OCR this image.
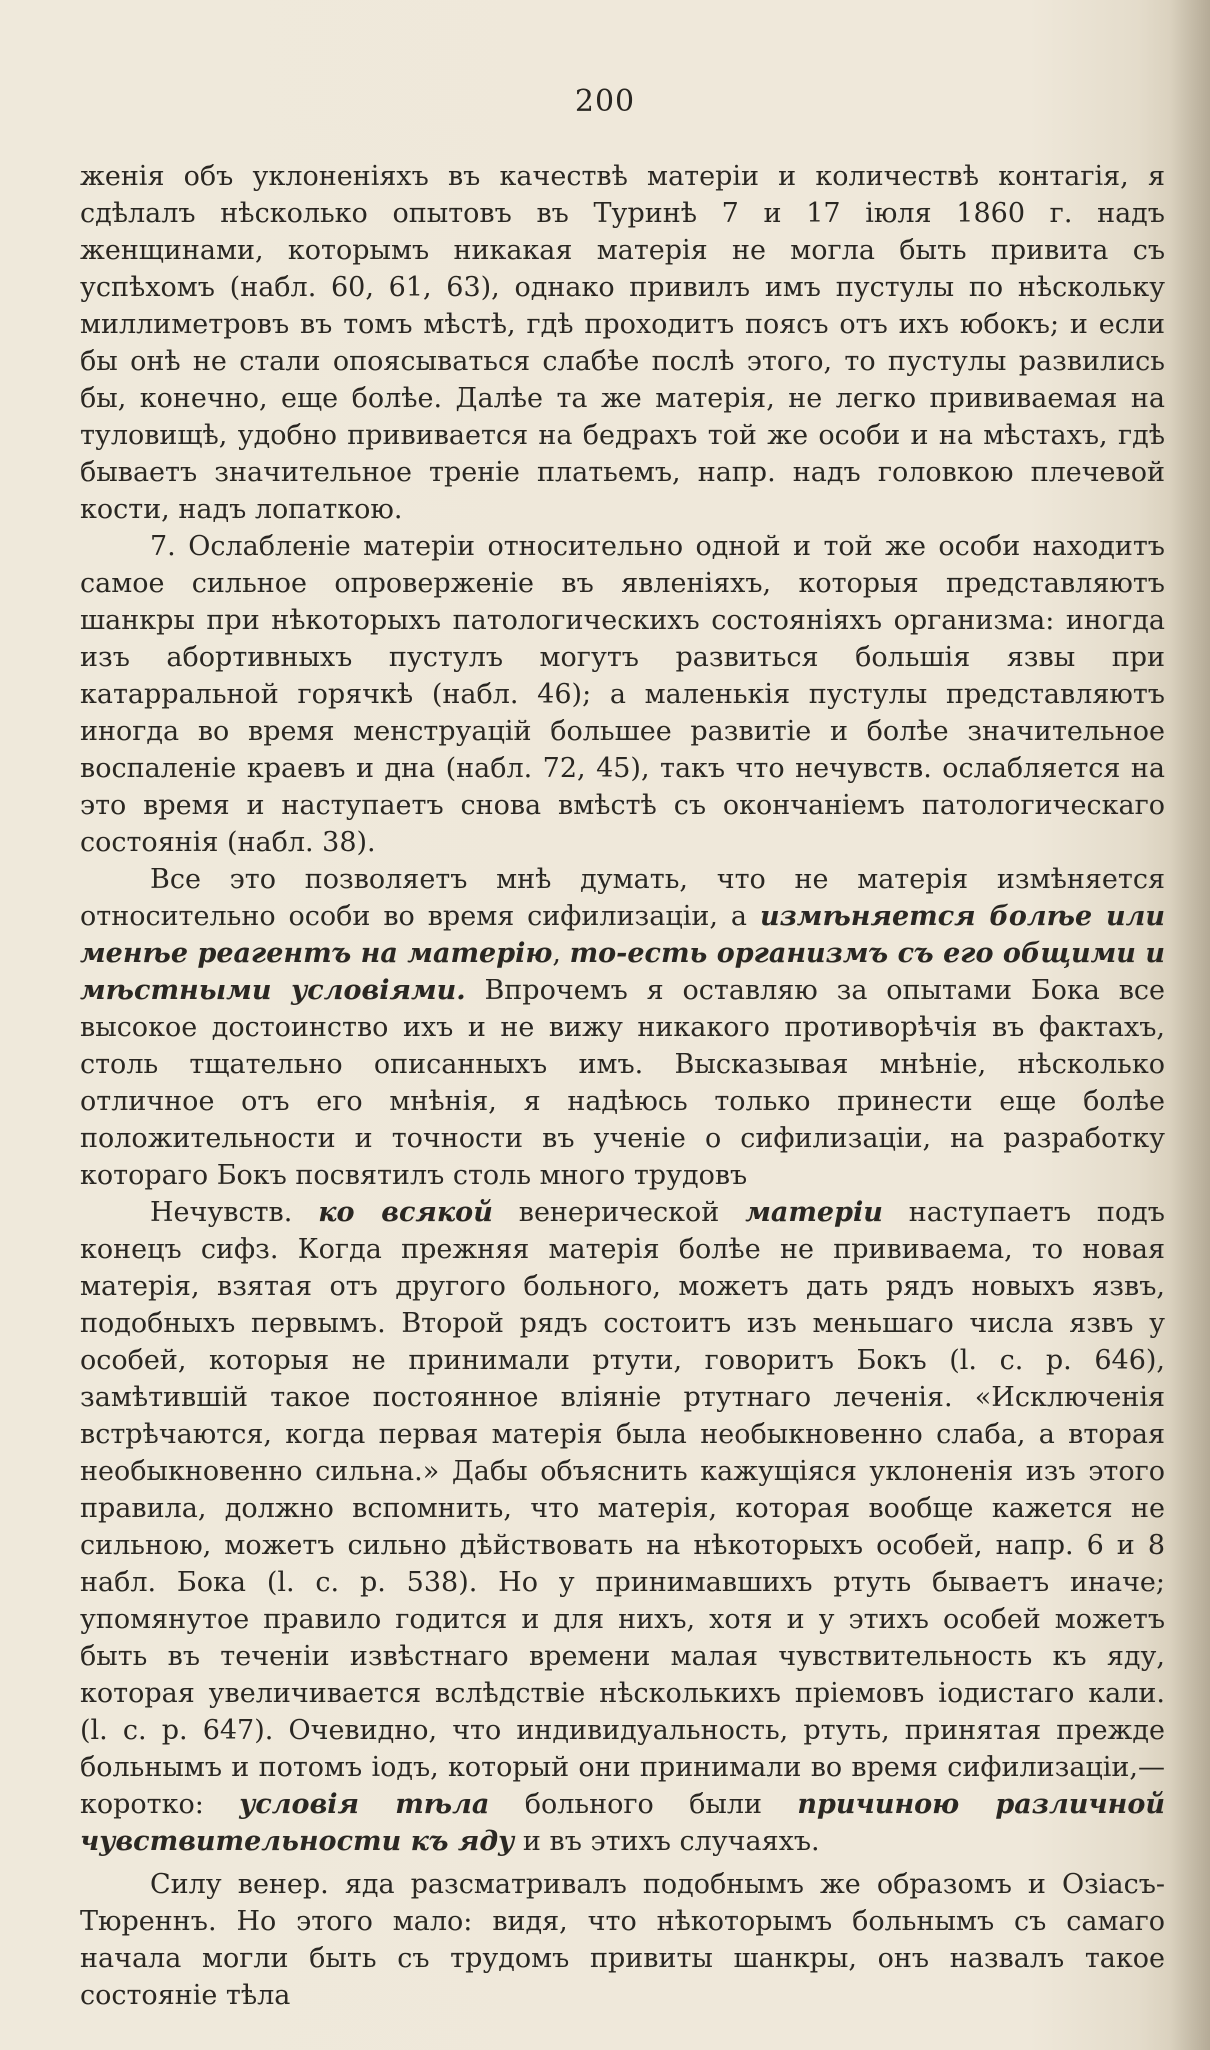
200

женія объ уклоненіяхъ въ качествѣ матеріи и количествѣ контагія, я сдѣлалъ нѣсколько опытовъ въ Туринѣ 7 и 17 іюля 1860 г. надъ женщинами, которымъ никакая матерія не могла быть привита съ успѣхомъ (набл. 60, 61, 63), однако привилъ имъ пустулы по нѣскольку миллиметровъ въ томъ мѣстѣ, гдѣ проходитъ поясъ отъ ихъ юбокъ; и если бы онѣ не стали опоясываться слабѣе послѣ этого, то пустулы развились бы, конечно, еще болѣе. Далѣе та же матерія, не легко прививаемая на туловищѣ, удобно прививается на бедрахъ той же особи и на мѣстахъ, гдѣ бываетъ значительное треніе платьемъ, напр. надъ головкою плечевой кости, надъ лопаткою.

7. Ослабленіе матеріи относительно одной и той же особи находитъ самое сильное опроверженіе въ явленіяхъ, которыя представляютъ шанкры при нѣкоторыхъ патологическихъ состояніяхъ организма: иногда изъ абортивныхъ пустулъ могутъ развиться большія язвы при катарральной горячкѣ (набл. 46); а маленькія пустулы представляютъ иногда во время менструацій большее развитіе и болѣе значительное воспаленіе краевъ и дна (набл. 72, 45), такъ что нечувств. ослабляется на это время и наступаетъ снова вмѣстѣ съ окончаніемъ патологическаго состоянія (набл. 38).

Все это позволяетъ мнѣ думать, что не матерія измѣняется относительно особи во время сифилизаціи, а измѣняется болѣе или менѣе реагентъ на матерію, то-есть организмъ съ его общими и мѣстными условіями. Впрочемъ я оставляю за опытами Бока все высокое достоинство ихъ и не вижу никакого противорѣчія въ фактахъ, столь тщательно описанныхъ имъ. Высказывая мнѣніе, нѣсколько отличное отъ его мнѣнія, я надѣюсь только принести еще болѣе положительности и точности въ ученіе о сифилизаціи, на разработку котораго Бокъ посвятилъ столь много трудовъ

Нечувств. ко всякой венерической матеріи наступаетъ подъ конецъ сифз. Когда прежняя матерія болѣе не прививаема, то новая матерія, взятая отъ другого больного, можетъ дать рядъ новыхъ язвъ, подобныхъ первымъ. Второй рядъ состоитъ изъ меньшаго числа язвъ у особей, которыя не принимали ртути, говоритъ Бокъ (l. c. p. 646), замѣтившій такое постоянное вліяніе ртутнаго леченія. «Исключенія встрѣчаются, когда первая матерія была необыкновенно слаба, а вторая необыкновенно сильна.» Дабы объяснить кажущіяся уклоненія изъ этого правила, должно вспомнить, что матерія, которая вообще кажется не сильною, можетъ сильно дѣйствовать на нѣкоторыхъ особей, напр. 6 и 8 набл. Бока (l. c. p. 538). Но у принимавшихъ ртуть бываетъ иначе; упомянутое правило годится и для нихъ, хотя и у этихъ особей можетъ быть въ теченіи извѣстнаго времени малая чувствительность къ яду, которая увеличивается вслѣдствіе нѣсколькихъ пріемовъ іодистаго кали. (l. c. p. 647). Очевидно, что индивидуальность, ртуть, принятая прежде больнымъ и потомъ іодъ, который они принимали во время сифилизаціи,— коротко: условія тѣла больного были причиною различной чувствительности къ яду и въ этихъ случаяхъ.

Силу венер. яда разсматривалъ подобнымъ же образомъ и Озіасъ-Тюреннъ. Но этого мало: видя, что нѣкоторымъ больнымъ съ самаго начала могли быть съ трудомъ привиты шанкры, онъ назвалъ такое состояніе тѣла
